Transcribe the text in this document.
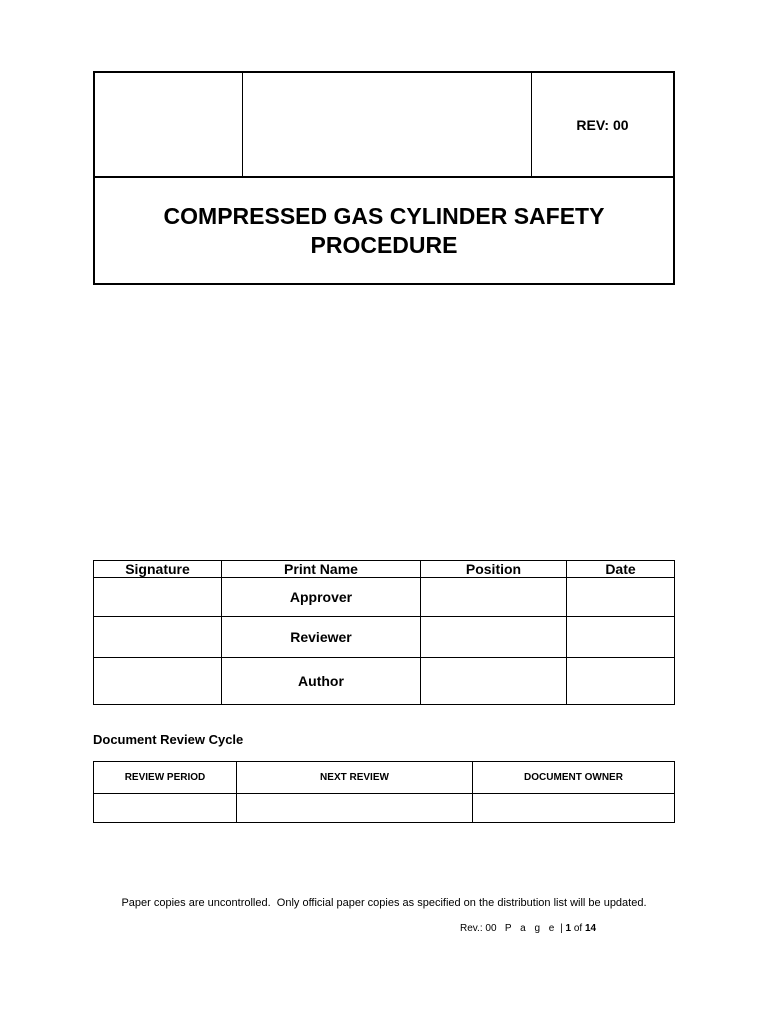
		REV: 00

COMPRESSED GAS CYLINDER SAFETY
PROCEDURE
Signature	Print Name	Position	Date
	Approver		
	Reviewer		
	Author		
Document Review Cycle
REVIEW PERIOD	NEXT REVIEW	DOCUMENT OWNER

Paper copies are uncontrolled.  Only official paper copies as specified on the distribution list will be updated.
Rev.: 00 P a g e | 1 of 14
